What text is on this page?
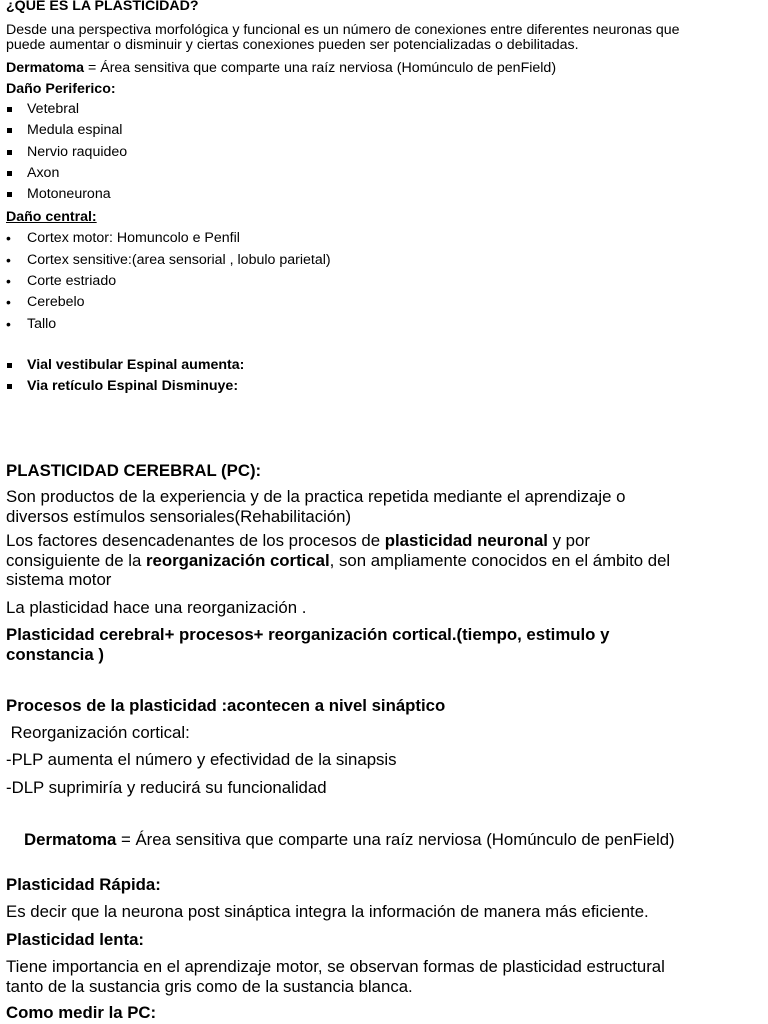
¿QUE ES LA PLASTICIDAD?

Desde una perspectiva morfológica y funcional es un número de conexiones entre diferentes neuronas que

puede aumentar o disminuir y ciertas conexiones pueden ser potencializadas o debilitadas.

Dermatoma = Área sensitiva que comparte una raíz nerviosa (Homúnculo de penField)

Daño Periferico:

Vetebral
Medula espinal
Nervio raquideo
Axon
Motoneurona

Daño central:

• Cortex motor: Homuncolo e Penfil
• Cortex sensitive:(area sensorial , lobulo parietal)
• Corte estriado
• Cerebelo
• Tallo
Vial vestibular Espinal aumenta:
Via retículo Espinal Disminuye:

PLASTICIDAD CEREBRAL (PC):

Son productos de la experiencia y de la practica repetida mediante el aprendizaje o
diversos estímulos sensoriales(Rehabilitación)

Los factores desencadenantes de los procesos de plasticidad neuronal y por
consiguiente de la reorganización cortical, son ampliamente conocidos en el ámbito del
sistema motor

La plasticidad hace una reorganización .

Plasticidad cerebral+ procesos+ reorganización cortical.(tiempo, estimulo y
constancia )

Procesos de la plasticidad :acontecen a nivel sináptico

Reorganización cortical:

-PLP aumenta el número y efectividad de la sinapsis

-DLP suprimiría y reducirá su funcionalidad

Dermatoma = Área sensitiva que comparte una raíz nerviosa (Homúnculo de penField)

Plasticidad Rápida:

Es decir que la neurona post sináptica integra la información de manera más eficiente.

Plasticidad lenta:

Tiene importancia en el aprendizaje motor, se observan formas de plasticidad estructural
tanto de la sustancia gris como de la sustancia blanca.

Como medir la PC:
